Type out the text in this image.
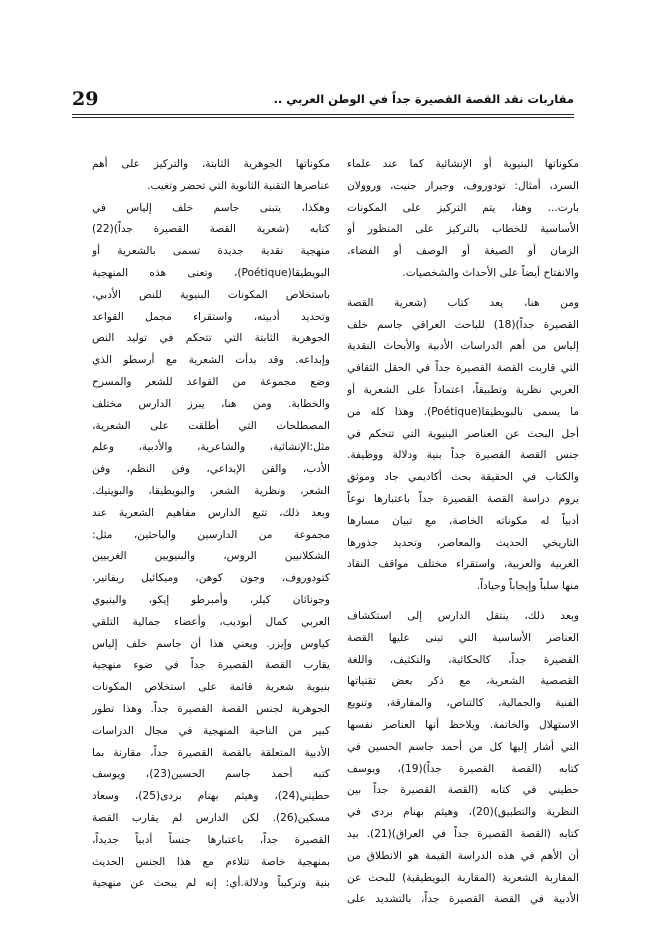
29	مقاربات نقد القصة القصيرة جداً في الوطن العربي ..
مكوناتها البنيوية أو الإنشائية كما عند علماء
السرد، أمثال: تودوروف، وجيرار جنيت، وروولان
بارت... وهنا، يتم التركيز على المكونات
الأساسية للخطاب بالتركيز على المنظور أو
الزمان أو الصيغة أو الوصف أو الفضاء،
والانفتاح أيضاً على الأحداث والشخصيات.
ومن هنا، يعد كتاب (شعرية القصة
القصيرة جداً)(18) للباحث العراقي جاسم خلف
إلياس من أهم الدراسات الأدبية والأبحاث النقدية
التي قاربت القصة القصيرة جداً في الحقل الثقافي
العربي نظرية وتطبيقاً، اعتماداً على الشعرية أو
ما يسمى بالبويطيقا(Poétique). وهذا كله من
أجل البحث عن العناصر البنيوية التي تتحكم في
جنس القصة القصيرة جداً بنية ودلالة ووظيفة.
والكتاب في الحقيقة بحث أكاديمي جاد وموثق
يروم دراسة القصة القصيرة جداً باعتبارها نوعاً
أدبياً له مكوناته الخاصة، مع تبيان مسارها
التاريخي الحديث والمعاصر، وتحديد جذورها
الغربية والعربية، واستقراء مختلف مواقف النقاد
منها سلباً وإيجاباً وحياداً.
وبعد ذلك، ينتقل الدارس إلى استكشاف
العناصر الأساسية التي تبنى عليها القصة
القصيرة جداً، كالحكائية، والتكثيف، واللغة
القصصية الشعرية، مع ذكر بعض تقنياتها
الفنية والجمالية، كالتناص، والمفارقة، وتنويع
الاستهلال والخاتمة. ويلاحظ أنها العناصر نفسها
التي أشار إليها كل من أحمد جاسم الحسين في
كتابه (القصة القصيرة جداً)(19)، ويوسف
حطيني في كتابه (القصة القصيرة جداً بين
النظرية والتطبيق)(20)، وهيثم بهنام بردى في
كتابه (القصة القصيرة جداً في العراق)(21). بيد
أن الأهم في هذه الدراسة القيمة هو الانطلاق من
المقاربة الشعرية (المقاربة البويطيقية) للبحث عن
الأدبية في القصة القصيرة جداً، بالتشديد على
مكوناتها الجوهرية الثابتة، والتركيز على أهم
عناصرها التقنية الثانوية التي تحضر وتغيب.
وهكذا، يتبنى جاسم خلف إلياس في
كتابه (شعرية القصة القصيرة جداً)(22)
منهجية نقدية جديدة تسمى بالشعرية أو
البويطيقا(Poétique)، وتعنى هذه المنهجية
باستخلاص المكونات البنيوية للنص الأدبي،
وتحديد أدبيته، واستقراء مجمل القواعد
الجوهرية الثابتة التي تتحكم في توليد النص
وإبداعه. وقد بدأت الشعرية مع أرسطو الذي
وضع مجموعة من القواعد للشعر والمسرح
والخطابة. ومن هنا، يبرز الدارس مختلف
المصطلحات التي أطلقت على الشعرية،
مثل:الإنشائية، والشاعرية، والأدبية، وعلم
الأدب، والفن الإبداعي، وفن النظم، وفن
الشعر، ونظرية الشعر، والبويطيقا، والبويتيك.
وبعد ذلك، تتبع الدارس مفاهيم الشعرية عند
مجموعة من الدارسين والباحثين، مثل:
الشكلانيين الروس، والبنيويين الغربيين
كتودوروف، وجون كوهن، وميكائيل ريفاتير،
وجوناثان كيلر، وأمبرطو إيكو، والبنيوي
العربي كمال أبوديب، وأعضاء جمالية التلقي
كياوس وإيزر. ويعني هذا أن جاسم خلف إلياس
يقارب القصة القصيرة جداً في ضوء منهجية
بنيوية شعرية قائمة على استخلاص المكونات
الجوهرية لجنس القصة القصيرة جداً. وهذا تطور
كبير من الناحية المنهجية في مجال الدراسات
الأدبية المتعلقة بالقصة القصيرة جداً، مقارنة بما
كتبه أحمد جاسم الحسين(23)، ويوسف
حطيني(24)، وهيثم بهنام بردى(25)، وسعاد
مسكين(26). لكن الدارس لم يقارب القصة
القصيرة جداً، باعتبارها جنساً أدبياً جديداً،
بمنهجية خاصة تتلاءم مع هذا الجنس الحديث
بنية وتركيباً ودلالة.أي: إنه لم يبحث عن منهجية
